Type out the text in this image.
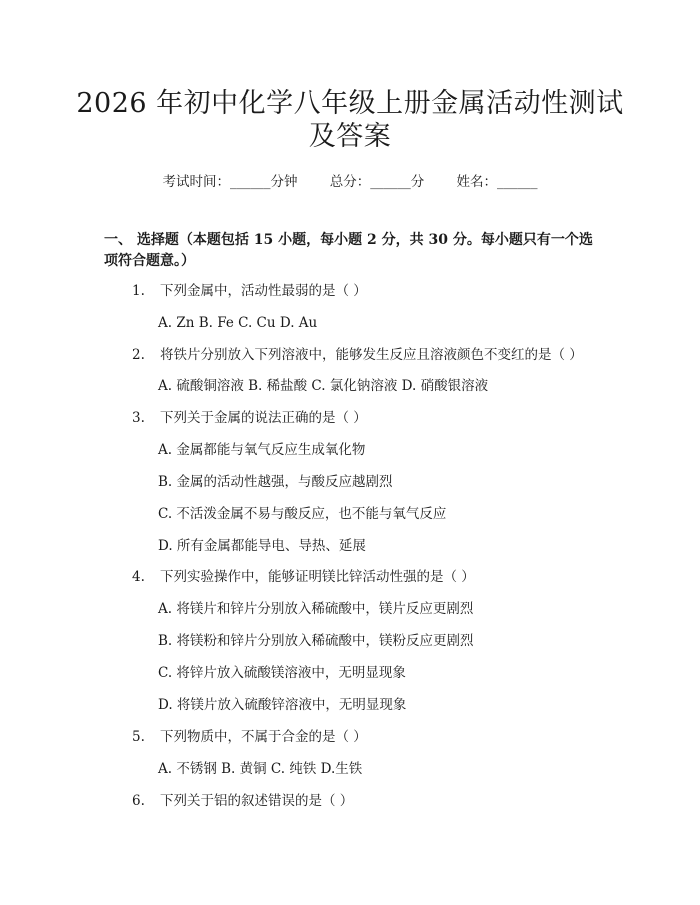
2026 年初中化学八年级上册金属活动性测试
及答案
考试时间：______分钟 总分：______分 姓名：______
一、 选择题（本题包括 15 小题，每小题 2 分，共 30 分。每小题只有一个选项符合题意。）
1. 下列金属中，活动性最弱的是（ ）
A. Zn B. Fe C. Cu D. Au
2. 将铁片分别放入下列溶液中，能够发生反应且溶液颜色不变红的是（ ）
A. 硫酸铜溶液 B. 稀盐酸 C. 氯化钠溶液 D. 硝酸银溶液
3. 下列关于金属的说法正确的是（ ）
A. 金属都能与氧气反应生成氧化物
B. 金属的活动性越强，与酸反应越剧烈
C. 不活泼金属不易与酸反应，也不能与氧气反应
D. 所有金属都能导电、导热、延展
4. 下列实验操作中，能够证明镁比锌活动性强的是（ ）
A. 将镁片和锌片分别放入稀硫酸中，镁片反应更剧烈
B. 将镁粉和锌片分别放入稀硫酸中，镁粉反应更剧烈
C. 将锌片放入硫酸镁溶液中，无明显现象
D. 将镁片放入硫酸锌溶液中，无明显现象
5. 下列物质中，不属于合金的是（ ）
A. 不锈钢 B. 黄铜 C. 纯铁 D.生铁
6. 下列关于铝的叙述错误的是（ ）
